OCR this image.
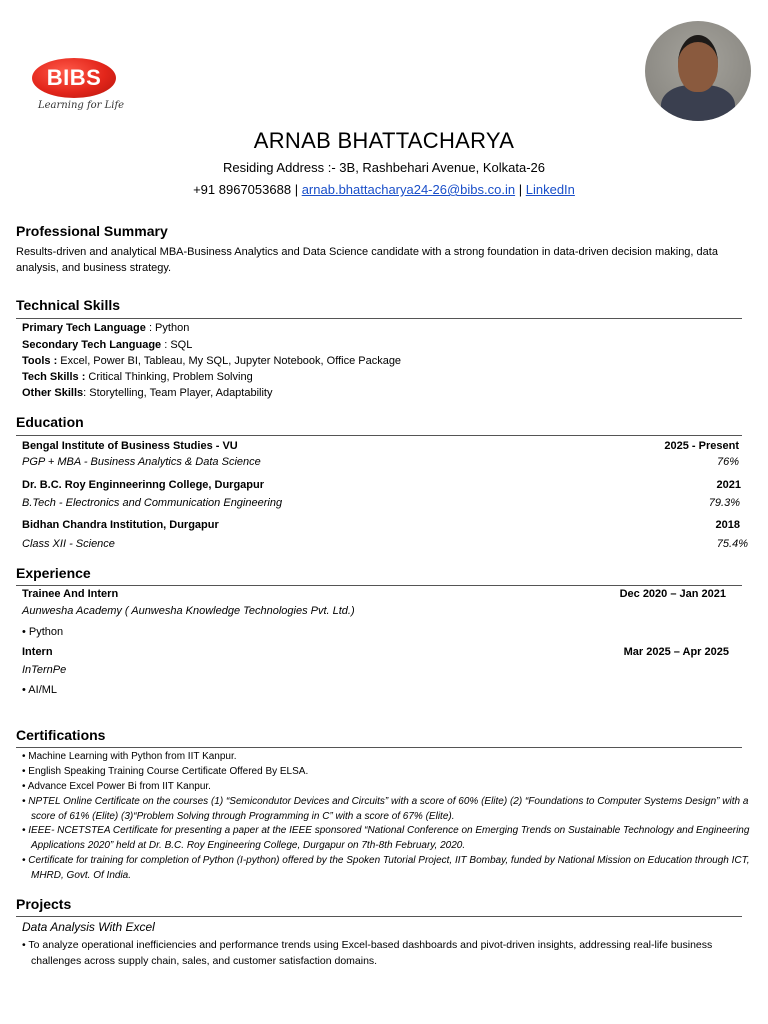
BIBS
Learning for Life
ARNAB BHATTACHARYA
Residing Address :- 3B, Rashbehari Avenue, Kolkata-26
+91 8967053688 | arnab.bhattacharya24-26@bibs.co.in | LinkedIn
Professional Summary
Results-driven and analytical MBA-Business Analytics and Data Science candidate with a strong foundation in data-driven decision making, data analysis, and business strategy.
Technical Skills
Primary Tech Language : Python
Secondary Tech Language : SQL
Tools : Excel, Power BI, Tableau, My SQL, Jupyter Notebook, Office Package
Tech Skills : Critical Thinking, Problem Solving
Other Skills: Storytelling, Team Player, Adaptability
Education
Bengal Institute of Business Studies - VU	2025 - Present
PGP + MBA - Business Analytics & Data Science	76%
Dr. B.C. Roy Enginneerinng College, Durgapur	2021
B.Tech - Electronics and Communication Engineering	79.3%
Bidhan Chandra Institution, Durgapur	2018
Class XII - Science	75.4%
Experience
Trainee And Intern	Dec 2020 – Jan 2021
Aunwesha Academy ( Aunwesha Knowledge Technologies Pvt. Ltd.)
• Python
Intern	Mar 2025 – Apr 2025
InTernPe
• AI/ML
Certifications
• Machine Learning with Python from IIT Kanpur.
• English Speaking Training Course Certificate Offered By ELSA.
• Advance Excel Power Bi from IIT Kanpur.
• NPTEL Online Certificate on the courses (1) “Semicondutor Devices and Circuits” with a score of 60% (Elite) (2) “Foundations to Computer Systems Design” with a score of 61% (Elite) (3)“Problem Solving through Programming in C” with a score of 67% (Elite).
• IEEE- NCETSTEA Certificate for presenting a paper at the IEEE sponsored “National Conference on Emerging Trends on Sustainable Technology and Engineering Applications 2020” held at Dr. B.C. Roy Engineering College, Durgapur on 7th-8th February, 2020.
• Certificate for training for completion of Python (I-python) offered by the Spoken Tutorial Project, IIT Bombay, funded by National Mission on Education through ICT, MHRD, Govt. Of India.
Projects
Data Analysis With Excel
• To analyze operational inefficiencies and performance trends using Excel-based dashboards and pivot-driven insights, addressing real-life business challenges across supply chain, sales, and customer satisfaction domains.
